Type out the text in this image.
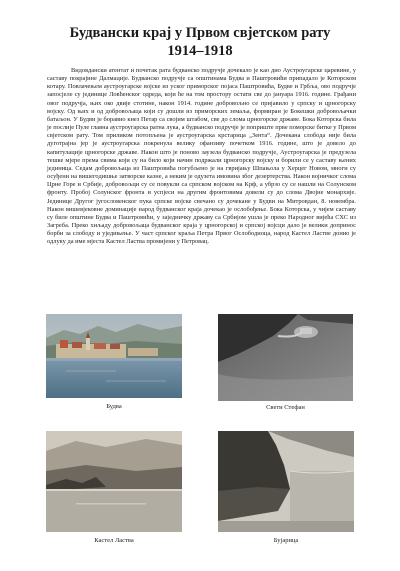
Будвански крај у Првом свјетском рату
1914–1918

Видовдански атентат и почетак рата будванско подручје дочекало је као дио Аустроугарске царевине, у саставу покрајине Далмације. Будванско подручје са општинама Будва и Паштровићи припадало је Которском котару. Повлачењем аустроугарске војске из уског приморског појаса Паштровића, Будве и Грбља, ово подручје запосјеле су јединице Ловћенског одреда, који ће на том простору остати све до јануара 1916. године. Грађани овог подручја, њих око двије стотине, након 1914. године добровољно се пријавило у српску и црногорску војску. Од њих и од добровољаца који су дошли из приморских земаља, формиран је Бокешки добровољачки батаљон. У Будви је боравио кнез Петар са својим штабом, све до слома црногорске државе. Бока Которска била је послије Пуле главна аустроугарска ратна лука, а будванско подручје је поприште прве поморске битке у Првом свјетском рату. Том приликом потопљена је аустроугарска крстарица „Зента“. Дочекана слобода није била дуготрајна јер је аустроугарска покренула велику офанзиву почетком 1916. године, што је довело до капитулације црногорске државе. Након што је поново заузела будванско подручје, Аустроугарска је предузела тешке мјере према свима који су на било који начин подржали црногорску војску и борили се у саставу њених јединица. Седам добровољаца из Паштровића погубљено је на гвријању Шпањола у Херцег Новом, многи су осуђени на вишегодишње затворске казне, а неким је одузета имовина због дезертерства. Након војничког слома Црне Горе и Србије, добровољци су се повукли са српском војском на Крф, а убрзо су се нашли на Солунском фронту. Пробој Солунског фронта и успјеси на другим фронтовима довели су до слома Двојне монархије. Јединице Другог југословенског пука српске војске свечано су дочекане у Будви на Митровдан, 8. новембра. Након вишевјековне доминације народ будванског краја дочекао је ослобођење. Бока Которска, у чијем саставу су биле општине Будва и Паштровићи, у заједничку државу са Србијом ушла је преко Народног вијећа СХС из Загреба. Преко хиљаду добровољаца будванског краја у црногорској и српској војсци дало је велики допринос борби за слободу и уједињење. У част српског краља Петра Првог Ослободиоца, народ Кастел Ластве донио је одлуку да име мјеста Кастел Ластва промијени у Петровац.

Будва	Свети Стефан
Кастел Ластва	Бујарица
